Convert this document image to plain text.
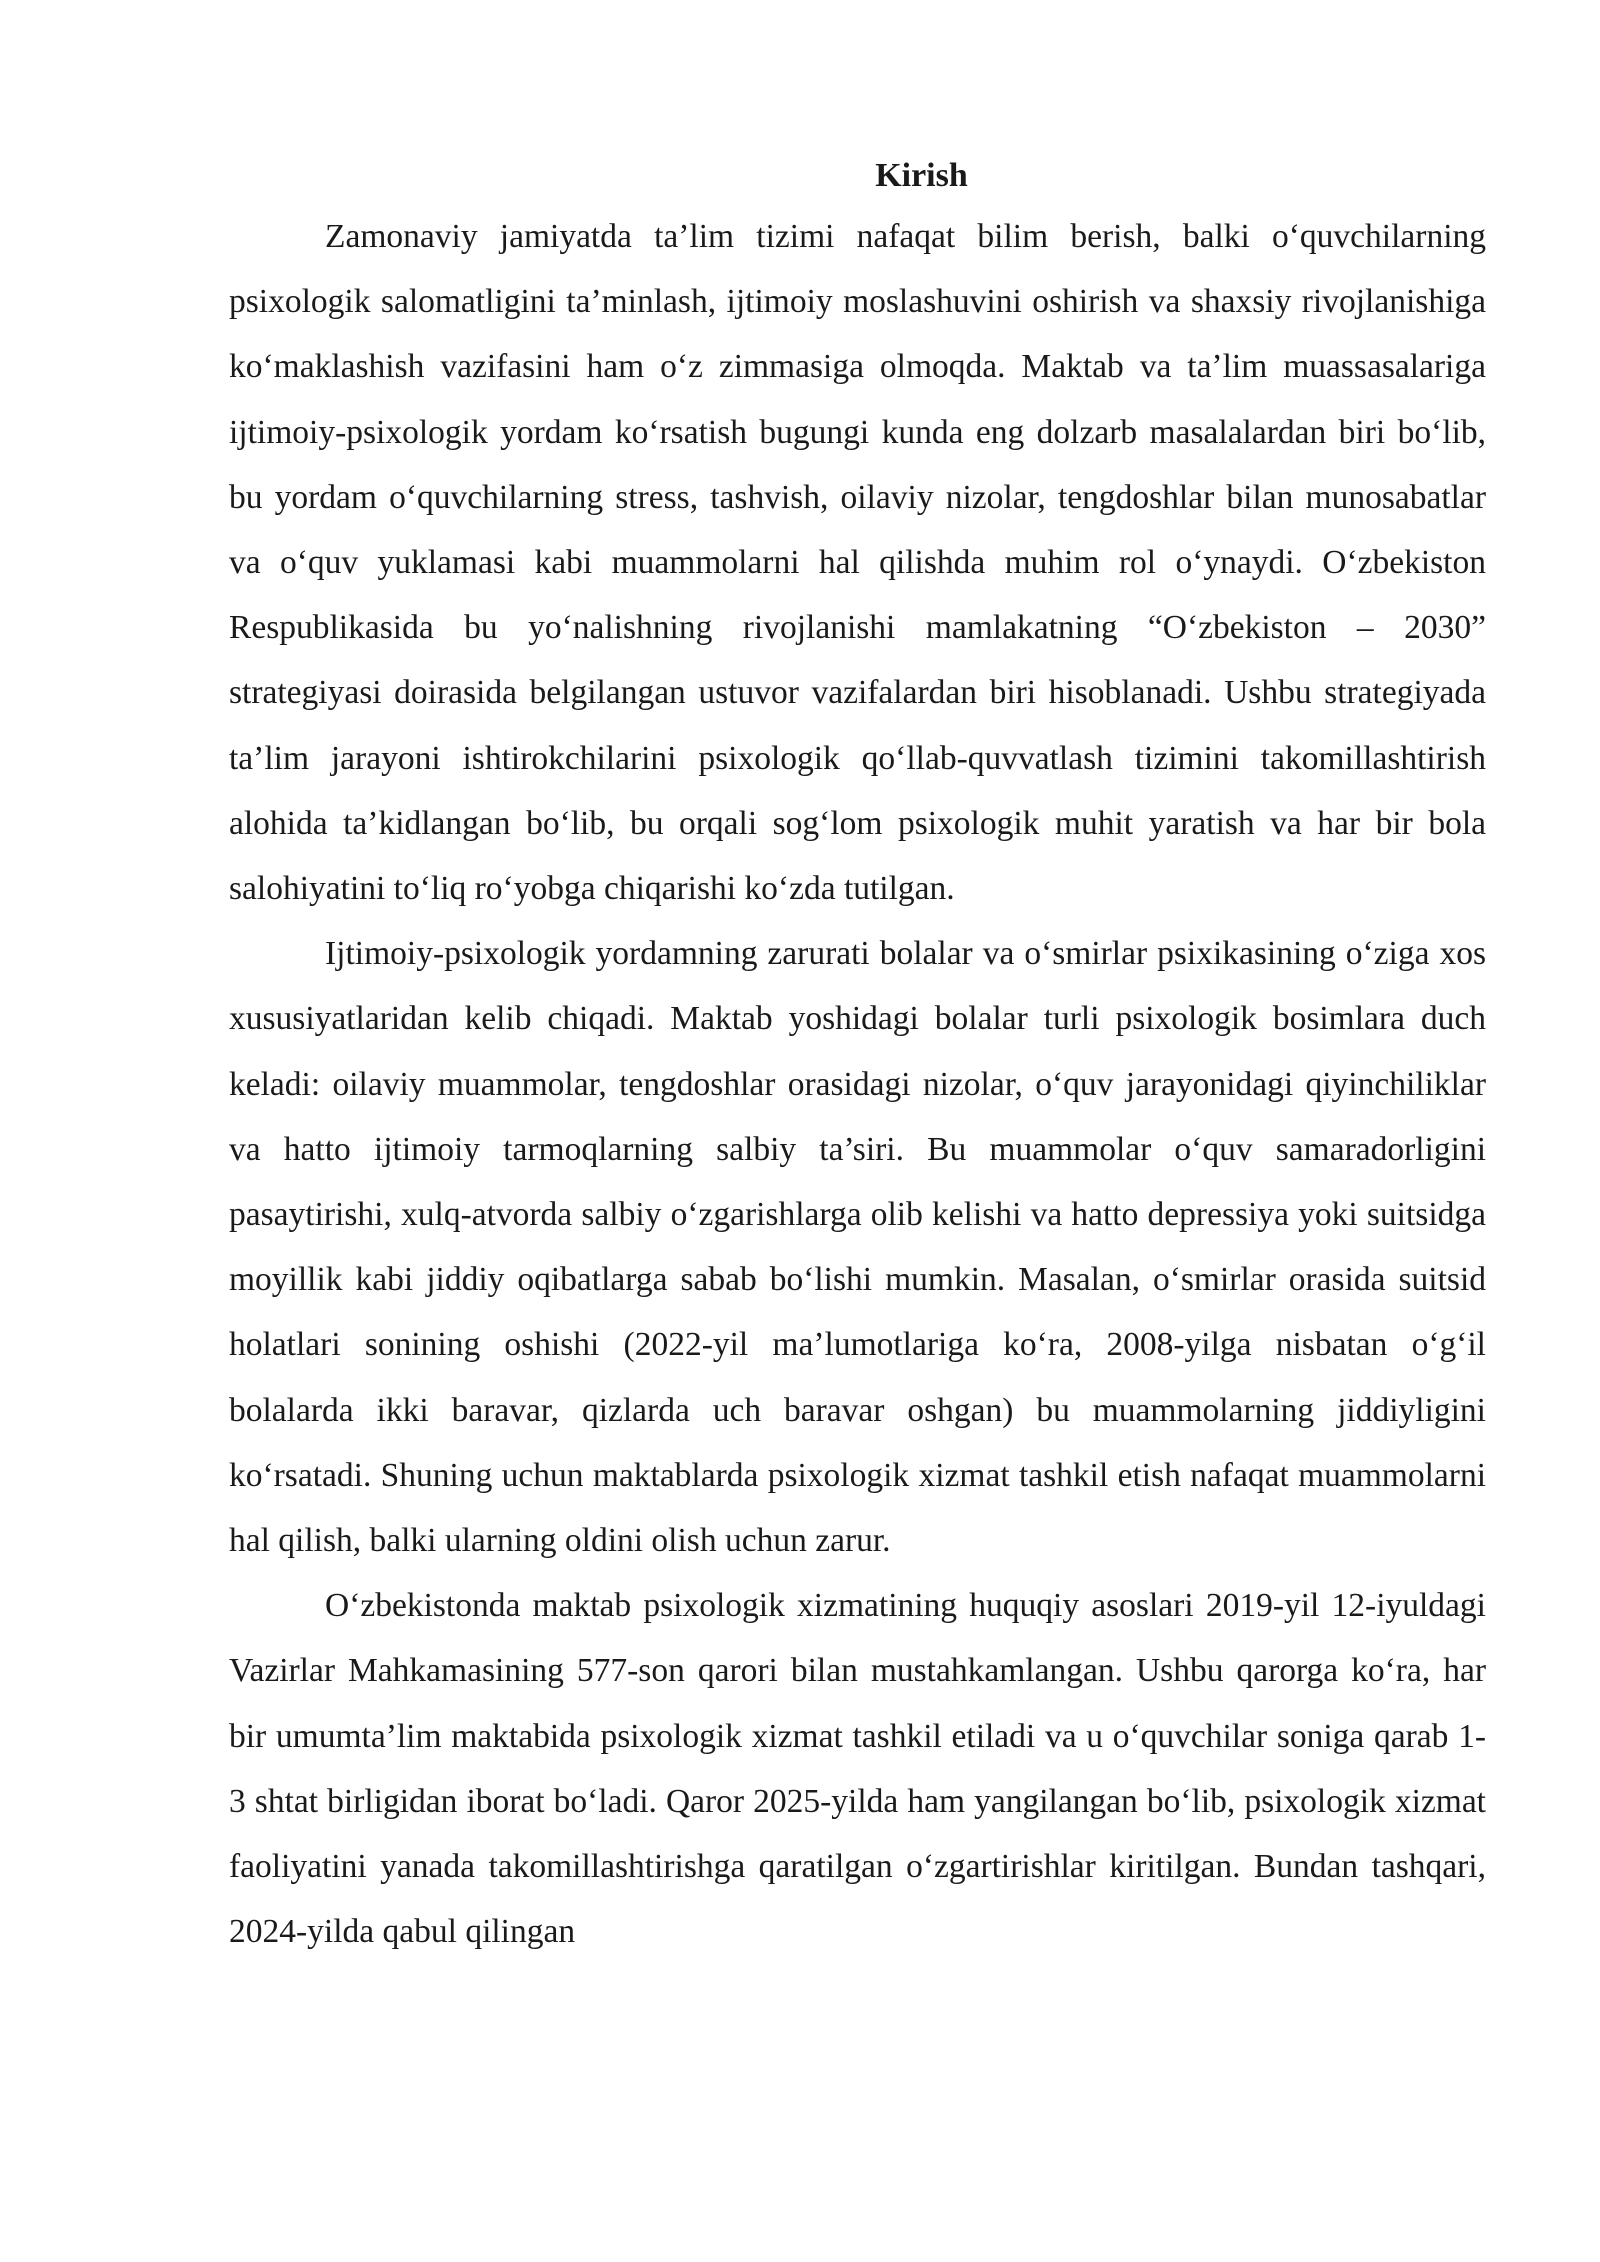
Kirish

Zamonaviy jamiyatda ta’lim tizimi nafaqat bilim berish, balki o‘quvchilarning psixologik salomatligini ta’minlash, ijtimoiy moslashuvini oshirish va shaxsiy rivojlanishiga ko‘maklashish vazifasini ham o‘z zimmasiga olmoqda. Maktab va ta’lim muassasalariga ijtimoiy-psixologik yordam ko‘rsatish bugungi kunda eng dolzarb masalalardan biri bo‘lib, bu yordam o‘quvchilarning stress, tashvish, oilaviy nizolar, tengdoshlar bilan munosabatlar va o‘quv yuklamasi kabi muammolarni hal qilishda muhim rol o‘ynaydi. O‘zbekiston Respublikasida bu yo‘nalishning rivojlanishi mamlakatning “O‘zbekiston – 2030” strategiyasi doirasida belgilangan ustuvor vazifalardan biri hisoblanadi. Ushbu strategiyada ta’lim jarayoni ishtirokchilarini psixologik qo‘llab-quvvatlash tizimini takomillashtirish alohida ta’kidlangan bo‘lib, bu orqali sog‘lom psixologik muhit yaratish va har bir bola salohiyatini to‘liq ro‘yobga chiqarishi ko‘zda tutilgan.

Ijtimoiy-psixologik yordamning zarurati bolalar va o‘smirlar psixikasining o‘ziga xos xususiyatlaridan kelib chiqadi. Maktab yoshidagi bolalar turli psixologik bosimlara duch keladi: oilaviy muammolar, tengdoshlar orasidagi nizolar, o‘quv jarayonidagi qiyinchiliklar va hatto ijtimoiy tarmoqlarning salbiy ta’siri. Bu muammolar o‘quv samaradorligini pasaytirishi, xulq-atvorda salbiy o‘zgarishlarga olib kelishi va hatto depressiya yoki suitsidga moyillik kabi jiddiy oqibatlarga sabab bo‘lishi mumkin. Masalan, o‘smirlar orasida suitsid holatlari sonining oshishi (2022-yil ma’lumotlariga ko‘ra, 2008-yilga nisbatan o‘g‘il bolalarda ikki baravar, qizlarda uch baravar oshgan) bu muammolarning jiddiyligini ko‘rsatadi. Shuning uchun maktablarda psixologik xizmat tashkil etish nafaqat muammolarni hal qilish, balki ularning oldini olish uchun zarur.

O‘zbekistonda maktab psixologik xizmatining huquqiy asoslari 2019-yil 12-iyuldagi Vazirlar Mahkamasining 577-son qarori bilan mustahkamlangan. Ushbu qarorga ko‘ra, har bir umumta’lim maktabida psixologik xizmat tashkil etiladi va u o‘quvchilar soniga qarab 1-3 shtat birligidan iborat bo‘ladi. Qaror 2025-yilda ham yangilangan bo‘lib, psixologik xizmat faoliyatini yanada takomillashtirishga qaratilgan o‘zgartirishlar kiritilgan. Bundan tashqari, 2024-yilda qabul qilingan
